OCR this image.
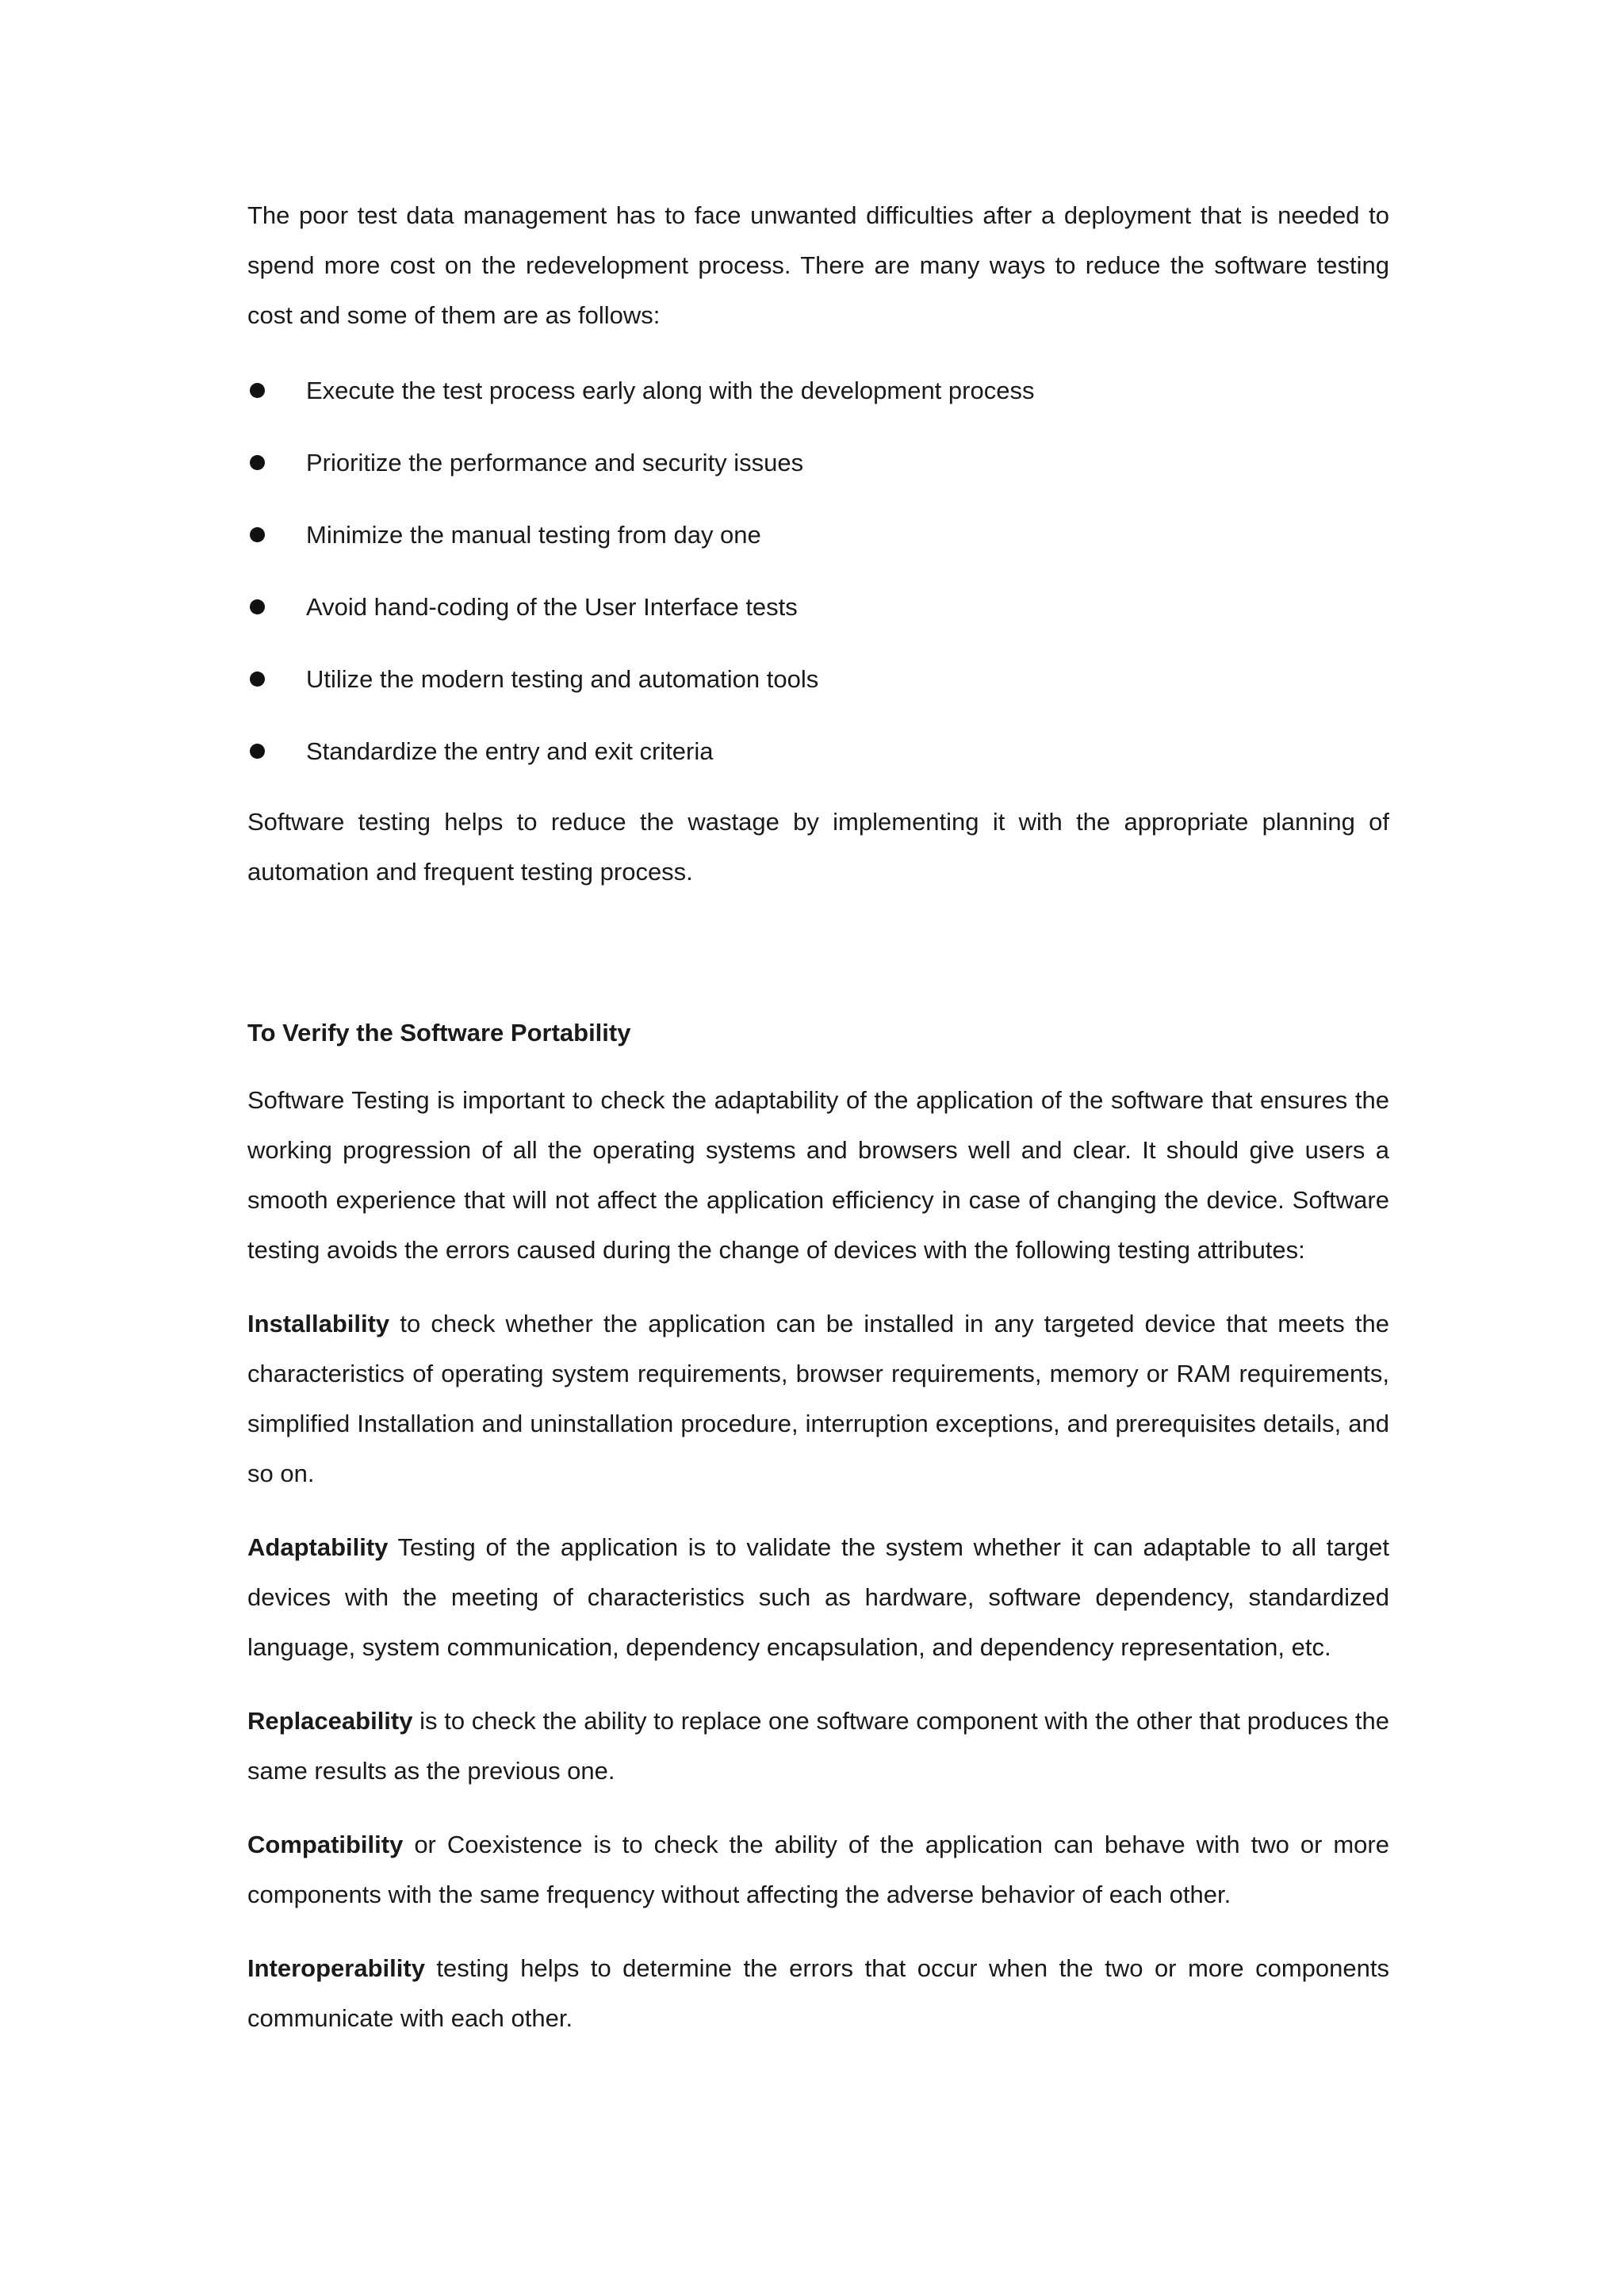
The poor test data management has to face unwanted difficulties after a deployment that is needed to spend more cost on the redevelopment process. There are many ways to reduce the software testing cost and some of them are as follows:

Execute the test process early along with the development process
Prioritize the performance and security issues
Minimize the manual testing from day one
Avoid hand-coding of the User Interface tests
Utilize the modern testing and automation tools
Standardize the entry and exit criteria

Software testing helps to reduce the wastage by implementing it with the appropriate planning of automation and frequent testing process.

To Verify the Software Portability

Software Testing is important to check the adaptability of the application of the software that ensures the working progression of all the operating systems and browsers well and clear. It should give users a smooth experience that will not affect the application efficiency in case of changing the device. Software testing avoids the errors caused during the change of devices with the following testing attributes:

Installability to check whether the application can be installed in any targeted device that meets the characteristics of operating system requirements, browser requirements, memory or RAM requirements, simplified Installation and uninstallation procedure, interruption exceptions, and prerequisites details, and so on.

Adaptability Testing of the application is to validate the system whether it can adaptable to all target devices with the meeting of characteristics such as hardware, software dependency, standardized language, system communication, dependency encapsulation, and dependency representation, etc.

Replaceability is to check the ability to replace one software component with the other that produces the same results as the previous one.

Compatibility or Coexistence is to check the ability of the application can behave with two or more components with the same frequency without affecting the adverse behavior of each other.

Interoperability testing helps to determine the errors that occur when the two or more components communicate with each other.
